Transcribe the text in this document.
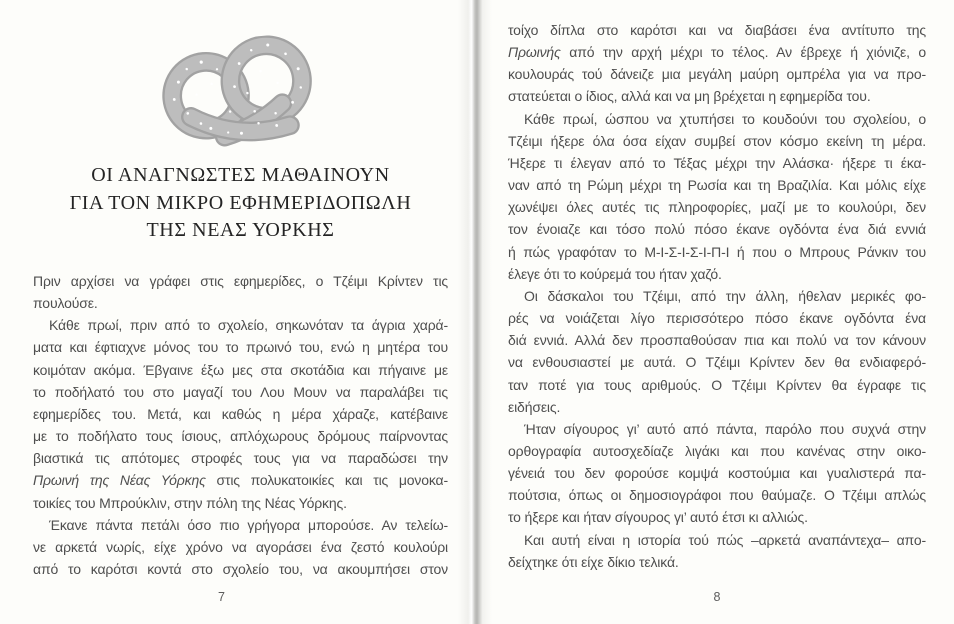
ΟΙ ΑΝΑΓΝΩΣΤΕΣ ΜΑΘΑΙΝΟΥΝ
ΓΙΑ ΤΟΝ ΜΙΚΡΟ ΕΦΗΜΕΡΙΔΟΠΩΛΗ
ΤΗΣ ΝΕΑΣ ΥΟΡΚΗΣ
Πριν αρχίσει να γράφει στις εφημερίδες, ο Τζέιμι Κρίντεν τις
πουλούσε.
Κάθε πρωί, πριν από το σχολείο, σηκωνόταν τα άγρια χαρά-
ματα και έφτιαχνε μόνος του το πρωινό του, ενώ η μητέρα του
κοιμόταν ακόμα. Έβγαινε έξω μες στα σκοτάδια και πήγαινε με
το ποδήλατό του στο μαγαζί του Λου Μουν να παραλάβει τις
εφημερίδες του. Μετά, και καθώς η μέρα χάραζε, κατέβαινε
με το ποδήλατο τους ίσιους, απλόχωρους δρόμους παίρνοντας
βιαστικά τις απότομες στροφές τους για να παραδώσει την
Πρωινή της Νέας Υόρκης στις πολυκατοικίες και τις μονοκα-
τοικίες του Μπρούκλιν, στην πόλη της Νέας Υόρκης.
Έκανε πάντα πετάλι όσο πιο γρήγορα μπορούσε. Αν τελείω-
νε αρκετά νωρίς, είχε χρόνο να αγοράσει ένα ζεστό κουλούρι
από το καρότσι κοντά στο σχολείο του, να ακουμπήσει στον
7
τοίχο δίπλα στο καρότσι και να διαβάσει ένα αντίτυπο της
Πρωινής από την αρχή μέχρι το τέλος. Αν έβρεχε ή χιόνιζε, ο
κουλουράς τού δάνειζε μια μεγάλη μαύρη ομπρέλα για να προ-
στατεύεται ο ίδιος, αλλά και να μη βρέχεται η εφημερίδα του.
Κάθε πρωί, ώσπου να χτυπήσει το κουδούνι του σχολείου, ο
Τζέιμι ήξερε όλα όσα είχαν συμβεί στον κόσμο εκείνη τη μέρα.
Ήξερε τι έλεγαν από το Τέξας μέχρι την Αλάσκα· ήξερε τι έκα-
ναν από τη Ρώμη μέχρι τη Ρωσία και τη Βραζιλία. Και μόλις είχε
χωνέψει όλες αυτές τις πληροφορίες, μαζί με το κουλούρι, δεν
τον ένοιαζε και τόσο πολύ πόσο έκανε ογδόντα ένα διά εννιά
ή πώς γραφόταν το Μ-Ι-Σ-Ι-Σ-Ι-Π-Ι ή που ο Μπρους Ράνκιν του
έλεγε ότι το κούρεμά του ήταν χαζό.
Οι δάσκαλοι του Τζέιμι, από την άλλη, ήθελαν μερικές φο-
ρές να νοιάζεται λίγο περισσότερο πόσο έκανε ογδόντα ένα
διά εννιά. Αλλά δεν προσπαθούσαν πια και πολύ να τον κάνουν
να ενθουσιαστεί με αυτά. Ο Τζέιμι Κρίντεν δεν θα ενδιαφερό-
ταν ποτέ για τους αριθμούς. Ο Τζέιμι Κρίντεν θα έγραφε τις
ειδήσεις.
Ήταν σίγουρος γι’ αυτό από πάντα, παρόλο που συχνά στην
ορθογραφία αυτοσχεδίαζε λιγάκι και που κανένας στην οικο-
γένειά του δεν φορούσε κομψά κοστούμια και γυαλιστερά πα-
πούτσια, όπως οι δημοσιογράφοι που θαύμαζε. Ο Τζέιμι απλώς
το ήξερε και ήταν σίγουρος γι’ αυτό έτσι κι αλλιώς.
Και αυτή είναι η ιστορία τού πώς –αρκετά αναπάντεχα– απο-
δείχτηκε ότι είχε δίκιο τελικά.
8
